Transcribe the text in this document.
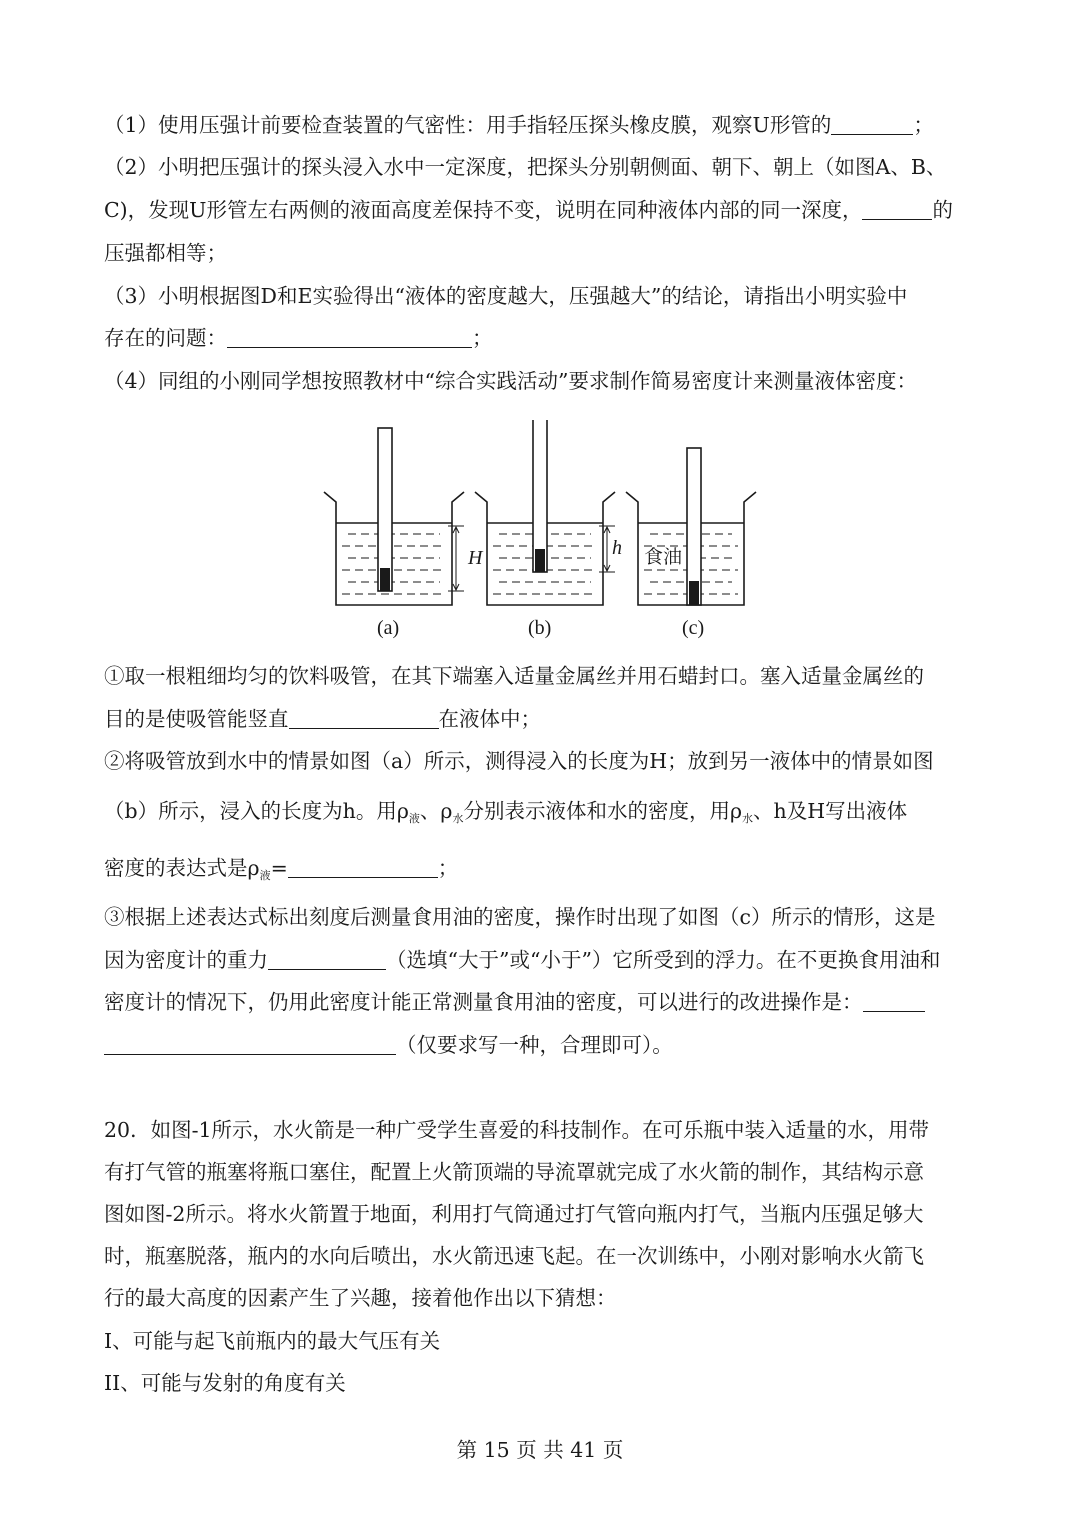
（1）使用压强计前要检查装置的气密性：用手指轻压探头橡皮膜，观察U形管的	；
（2）小明把压强计的探头浸入水中一定深度，把探头分别朝侧面、朝下、朝上（如图A、B、
C)，发现U形管左右两侧的液面高度差保持不变，说明在同种液体内部的同一深度，	的
压强都相等；
（3）小明根据图D和E实验得出“液体的密度越大，压强越大”的结论，请指出小明实验中
存在的问题：	；
（4）同组的小刚同学想按照教材中“综合实践活动”要求制作简易密度计来测量液体密度：
H	h 食油
(a)	(b)	(c)
①取一根粗细均匀的饮料吸管，在其下端塞入适量金属丝并用石蜡封口。塞入适量金属丝的
目的是使吸管能竖直	在液体中；
②将吸管放到水中的情景如图（a）所示，测得浸入的长度为H；放到另一液体中的情景如图
（b）所示，浸入的长度为h。用$\rho_液$、$\rho_水$分别表示液体和水的密度，用$\rho_水$、h及H写出液体
密度的表达式是$\rho_液=$	；
③根据上述表达式标出刻度后测量食用油的密度，操作时出现了如图（c）所示的情形，这是
因为密度计的重力	（选填“大于”或“小于”）它所受到的浮力。在不更换食用油和
密度计的情况下，仍用此密度计能正常测量食用油的密度，可以进行的改进操作是：
（仅要求写一种，合理即可）。
20．如图-1所示，水火箭是一种广受学生喜爱的科技制作。在可乐瓶中装入适量的水，用带
有打气管的瓶塞将瓶口塞住，配置上火箭顶端的导流罩就完成了水火箭的制作，其结构示意
图如图-2所示。将水火箭置于地面，利用打气筒通过打气管向瓶内打气，当瓶内压强足够大
时，瓶塞脱落，瓶内的水向后喷出，水火箭迅速飞起。在一次训练中，小刚对影响水火箭飞
行的最大高度的因素产生了兴趣，接着他作出以下猜想：
I、可能与起飞前瓶内的最大气压有关
II、可能与发射的角度有关
第 15 页 共 41 页
